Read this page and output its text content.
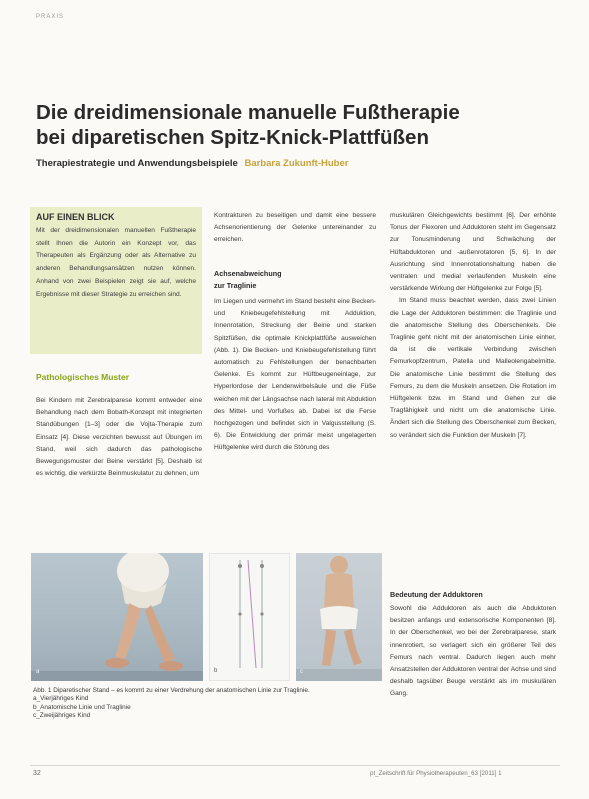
PRAXIS
Die dreidimensionale manuelle Fußtherapie
bei diparetischen Spitz-Knick-Plattfüßen
Therapiestrategie und Anwendungsbeispiele Barbara Zukunft-Huber
AUF EINEN BLICK
Mit der dreidimensionalen manuellen Fußtherapie stellt Ihnen die Autorin ein Konzept vor, das Therapeuten als Ergänzung oder als Alternative zu anderen Behandlungsansätzen nutzen können. Anhand von zwei Beispielen zeigt sie auf, welche Ergebnisse mit dieser Strategie zu erreichen sind.
Pathologisches Muster
Bei Kindern mit Zerebralparese kommt entweder eine Behandlung nach dem Bobath-Konzept mit integrierten Standübungen [1–3] oder die Vojta-Therapie zum Einsatz [4]. Diese verzichten bewusst auf Übungen im Stand, weil sich dadurch das pathologische Bewegungsmuster der Beine verstärkt [5]. Deshalb ist es wichtig, die verkürzte Beinmuskulatur zu dehnen, um
Kontrakturen zu beseitigen und damit eine bessere Achsenorientierung der Gelenke untereinander zu erreichen.
Achsenabweichung
zur Traglinie
Im Liegen und vermehrt im Stand besteht eine Becken- und Kniebeugefehlstellung mit Adduktion, Innenrotation, Streckung der Beine und starken Spitzfüßen, die optimale Knickplattfüße ausweichen (Abb. 1). Die Becken- und Kniebeugefehlstellung führt automatisch zu Fehlstellungen der benachbarten Gelenke. Es kommt zur Hüftbeugeneinlage, zur Hyperlordose der Lendenwirbelsäule und die Füße weichen mit der Längsachse nach lateral mit Abduktion des Mittel- und Vorfußes ab. Dabei ist die Ferse hochgezogen und befindet sich in Valgusstellung (S. 6). Die Entwicklung der primär meist ungelagerten Hüftgelenke wird durch die Störung des

muskulären Gleichgewichts bestimmt [6]. Der erhöhte Tonus der Flexoren und Adduktoren steht im Gegensatz zur Tonusminderung und Schwächung der Hüftabduktoren und -außenrotatoren [5, 6]. In der Ausrichtung sind Innenrotationshaltung haben die ventralen und medial verlaufenden Muskeln eine verstärkende Wirkung der Hüftgelenke zur Folge [5].

Im Stand muss beachtet werden, dass zwei Linien die Lage der Adduktoren bestimmen: die Traglinie und die anatomische Stellung des Oberschenkels. Die Traglinie geht nicht mit der anatomischen Linie einher, da ist die vertikale Verbindung zwischen Femurkopfzentrum, Patella und Malleolengabelmitte. Die anatomische Linie bestimmt die Stellung des Femurs, zu dem die Muskeln ansetzen. Die Rotation im Hüftgelenk bzw. im Stand und Gehen zur die Tragfähigkeit und nicht um die anatomische Linie. Ändert sich die Stellung des Oberschenkel zum Becken, so verändert sich die Funktion der Muskeln [7].

Bedeutung der Adduktoren
Sowohl die Adduktoren als auch die Abduktoren besitzen anfangs und extensorische Komponenten [8]. In der Oberschenkel, wo bei der Zerebralparese, stark innenrotiert, so verlagert sich ein größerer Teil des Femurs nach ventral. Dadurch liegen auch mehr Ansatzstellen der Adduktoren ventral der Achse und sind deshalb tagsüber Beuge verstärkt als im muskulären Gang.
a	b	c

Abb. 1 Diparetischer Stand – es kommt zu einer Verdrehung der anatomischen Linie zur Traglinie.

a_Vierjähriges Kind

b_Anatomische Linie und Traglinie

c_Zweijähriges Kind

32	pt_Zeitschrift für Physiotherapeuten_63 [2011] 1
